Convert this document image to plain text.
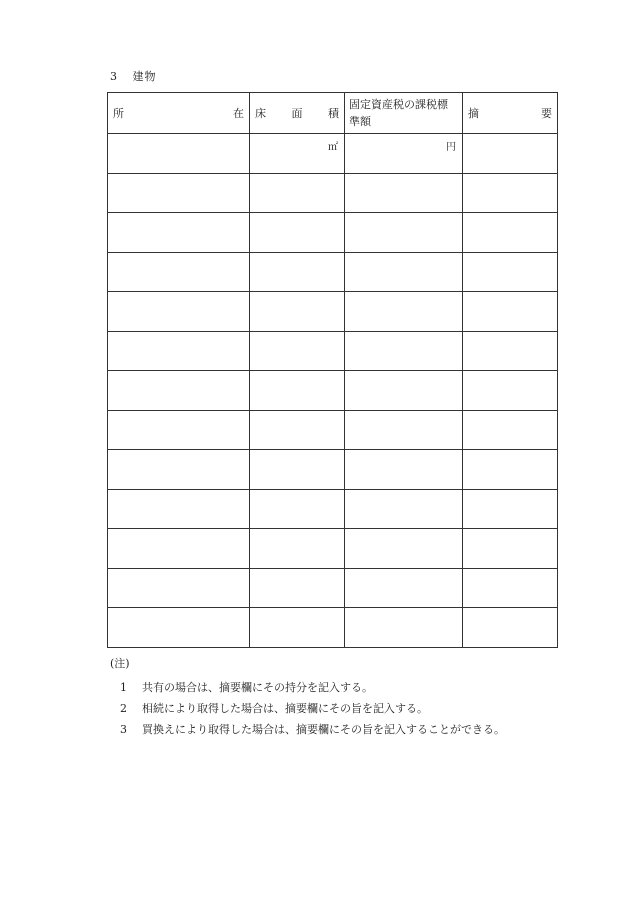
3 建物
所 在	床 面 積	固定資産税の課税標準額	摘 要

	㎡	円	

(注)
1 共有の場合は、摘要欄にその持分を記入する。
2 相続により取得した場合は、摘要欄にその旨を記入する。
3 買換えにより取得した場合は、摘要欄にその旨を記入することができる。
